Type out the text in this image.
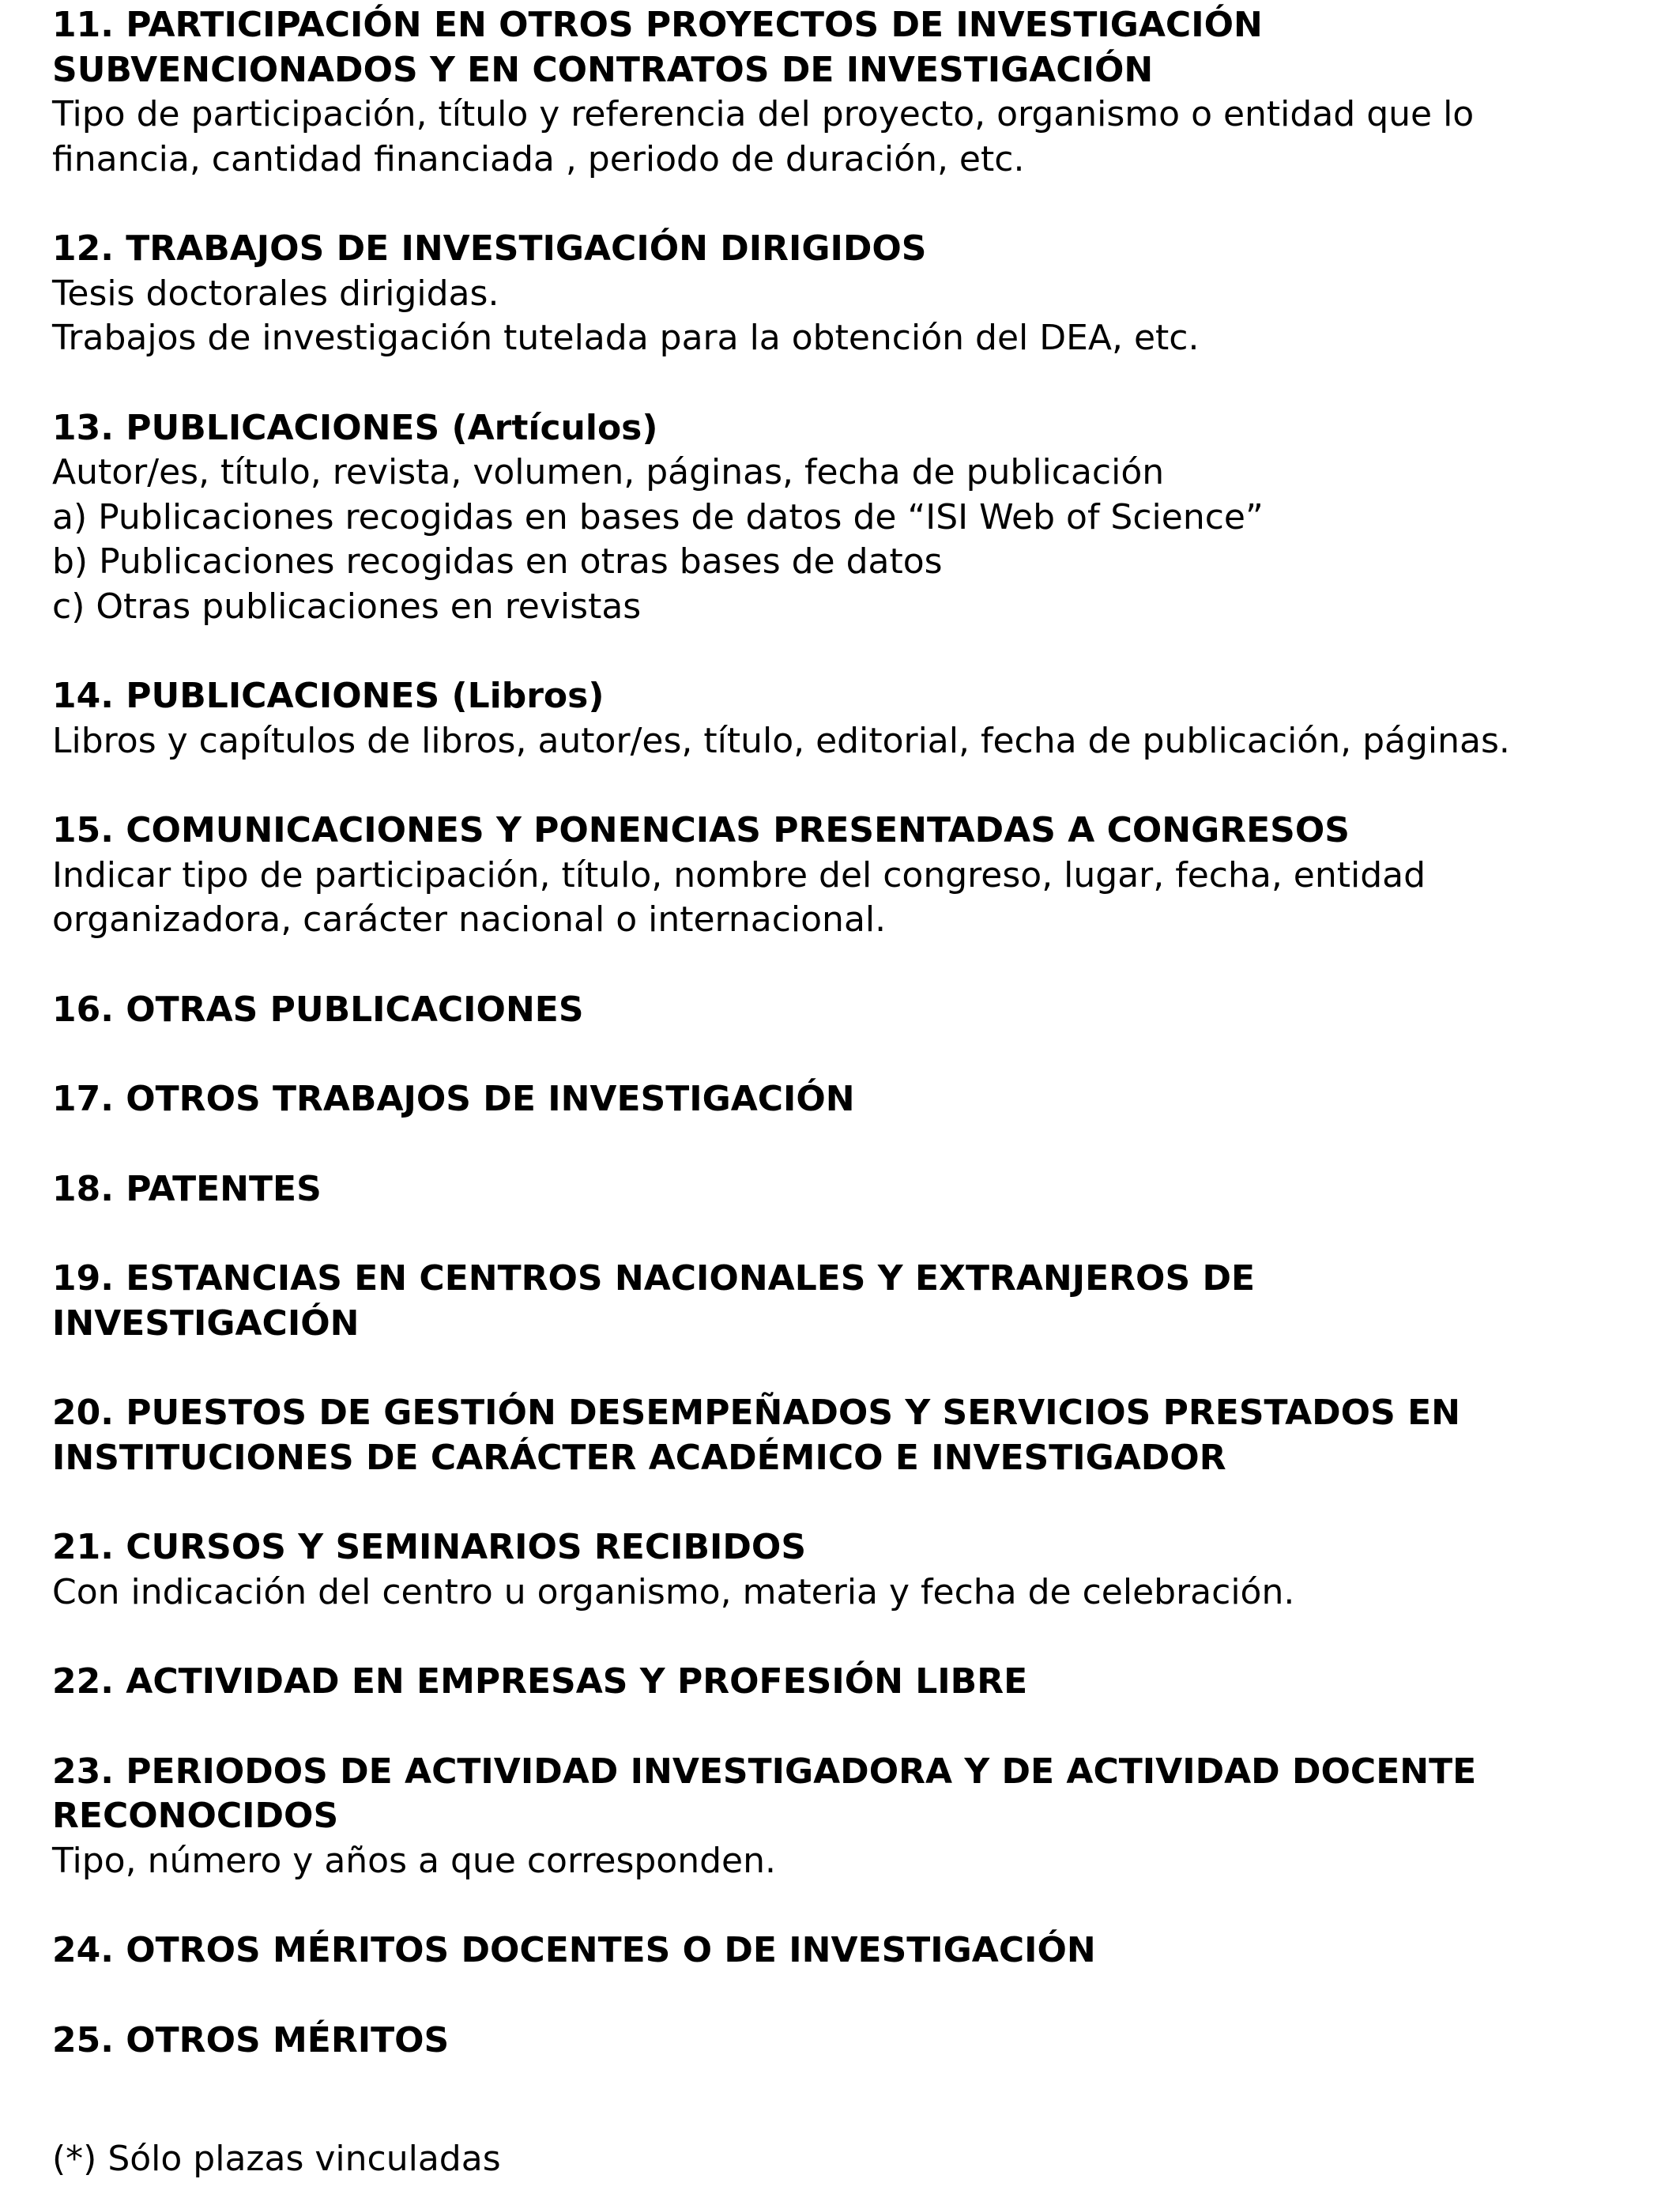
11. PARTICIPACIÓN EN OTROS PROYECTOS DE INVESTIGACIÓN
SUBVENCIONADOS Y EN CONTRATOS DE INVESTIGACIÓN
Tipo de participación, título y referencia del proyecto, organismo o entidad que lo
financia, cantidad financiada , periodo de duración, etc.
12. TRABAJOS DE INVESTIGACIÓN DIRIGIDOS
Tesis doctorales dirigidas.
Trabajos de investigación tutelada para la obtención del DEA, etc.
13. PUBLICACIONES (Artículos)
Autor/es, título, revista, volumen, páginas, fecha de publicación
a) Publicaciones recogidas en bases de datos de “ISI Web of Science”
b) Publicaciones recogidas en otras bases de datos
c) Otras publicaciones en revistas
14. PUBLICACIONES (Libros)
Libros y capítulos de libros, autor/es, título, editorial, fecha de publicación, páginas.
15. COMUNICACIONES Y PONENCIAS PRESENTADAS A CONGRESOS
Indicar tipo de participación, título, nombre del congreso, lugar, fecha, entidad
organizadora, carácter nacional o internacional.
16. OTRAS PUBLICACIONES
17. OTROS TRABAJOS DE INVESTIGACIÓN
18. PATENTES
19. ESTANCIAS EN CENTROS NACIONALES Y EXTRANJEROS DE
INVESTIGACIÓN
20. PUESTOS DE GESTIÓN DESEMPEÑADOS Y SERVICIOS PRESTADOS EN
INSTITUCIONES DE CARÁCTER ACADÉMICO E INVESTIGADOR
21. CURSOS Y SEMINARIOS RECIBIDOS
Con indicación del centro u organismo, materia y fecha de celebración.
22. ACTIVIDAD EN EMPRESAS Y PROFESIÓN LIBRE
23. PERIODOS DE ACTIVIDAD INVESTIGADORA Y DE ACTIVIDAD DOCENTE
RECONOCIDOS
Tipo, número y años a que corresponden.
24. OTROS MÉRITOS DOCENTES O DE INVESTIGACIÓN
25. OTROS MÉRITOS
(*) Sólo plazas vinculadas
